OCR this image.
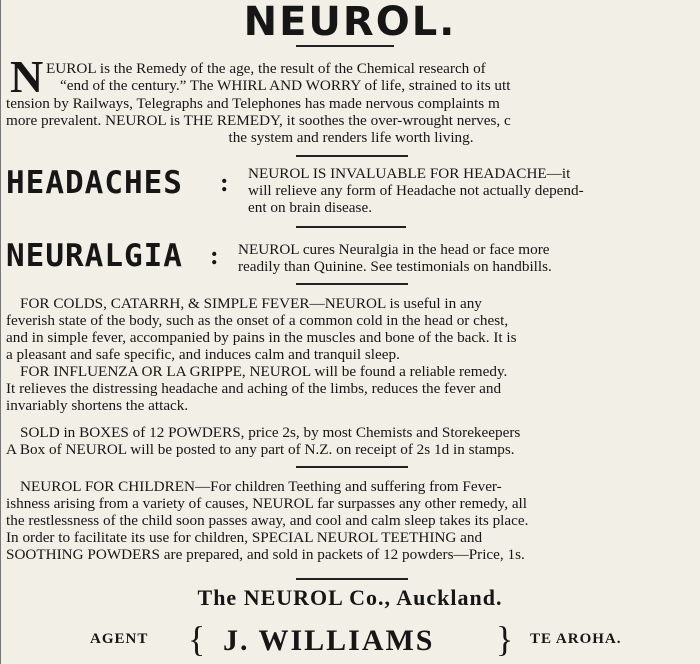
NEUROL.
N EUROL is the Remedy of the age, the result of the Chemical research of
“end of the century.” The WHIRL AND WORRY of life, strained to its utt
tension by Railways, Telegraphs and Telephones has made nervous complaints m
more prevalent. NEUROL is THE REMEDY, it soothes the over-wrought nerves, c
the system and renders life worth living.
HEADACHES : NEUROL IS INVALUABLE FOR HEADACHE—it
will relieve any form of Headache not actually depend-
ent on brain disease.
NEURALGIA : NEUROL cures Neuralgia in the head or face more
readily than Quinine. See testimonials on handbills.
FOR COLDS, CATARRH, & SIMPLE FEVER—NEUROL is useful in any
feverish state of the body, such as the onset of a common cold in the head or chest,
and in simple fever, accompanied by pains in the muscles and bone of the back. It is
a pleasant and safe specific, and induces calm and tranquil sleep.
FOR INFLUENZA OR LA GRIPPE, NEUROL will be found a reliable remedy.
It relieves the distressing headache and aching of the limbs, reduces the fever and
invariably shortens the attack.
SOLD in BOXES of 12 POWDERS, price 2s, by most Chemists and Storekeepers
A Box of NEUROL will be posted to any part of N.Z. on receipt of 2s 1d in stamps.
NEUROL FOR CHILDREN—For children Teething and suffering from Fever-
ishness arising from a variety of causes, NEUROL far surpasses any other remedy, all
the restlessness of the child soon passes away, and cool and calm sleep takes its place.
In order to facilitate its use for children, SPECIAL NEUROL TEETHING and
SOOTHING POWDERS are prepared, and sold in packets of 12 powders—Price, 1s.
The NEUROL Co., Auckland.
AGENT { J. WILLIAMS } TE AROHA.
